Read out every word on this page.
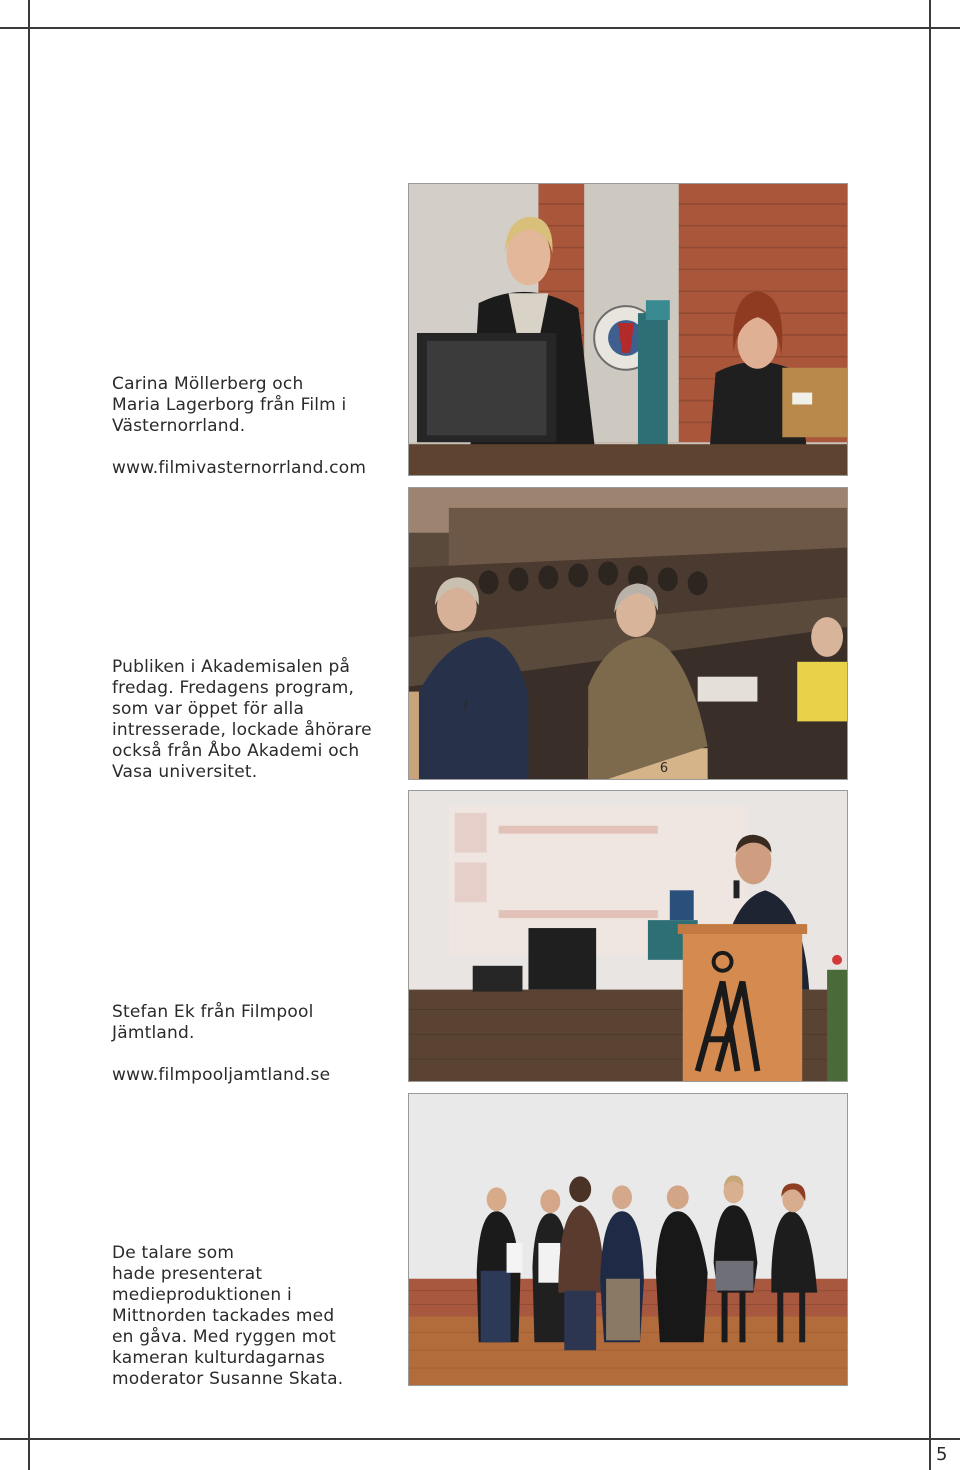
Carina Möllerberg och

Maria Lagerborg från Film i

Västernorrland.

www.filmivasternorrland.com

Publiken i Akademisalen på

fredag. Fredagens program,

som var öppet för alla

intresserade, lockade åhörare

också från Åbo Akademi och

Vasa universitet.

Stefan Ek från Filmpool

Jämtland.

www.filmpooljamtland.se

De talare som

hade presenterat

medieproduktionen i

Mittnorden tackades med

en gåva. Med ryggen mot

kameran kulturdagarnas

moderator Susanne Skata.

7
6
5
